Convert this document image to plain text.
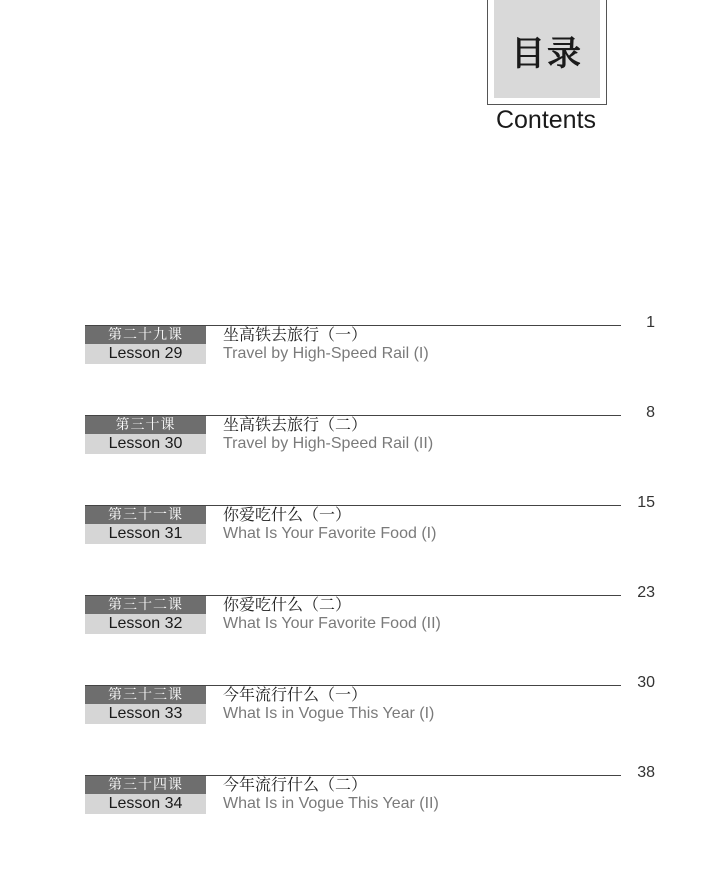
目录
Contents
1
第二十九课
Lesson 29
坐高铁去旅行（一）
Travel by High-Speed Rail (I)
8
第三十课
Lesson 30
坐高铁去旅行（二）
Travel by High-Speed Rail (II)
15
第三十一课
Lesson 31
你爱吃什么（一）
What Is Your Favorite Food (I)
23
第三十二课
Lesson 32
你爱吃什么（二）
What Is Your Favorite Food (II)
30
第三十三课
Lesson 33
今年流行什么（一）
What Is in Vogue This Year (I)
38
第三十四课
Lesson 34
今年流行什么（二）
What Is in Vogue This Year (II)
